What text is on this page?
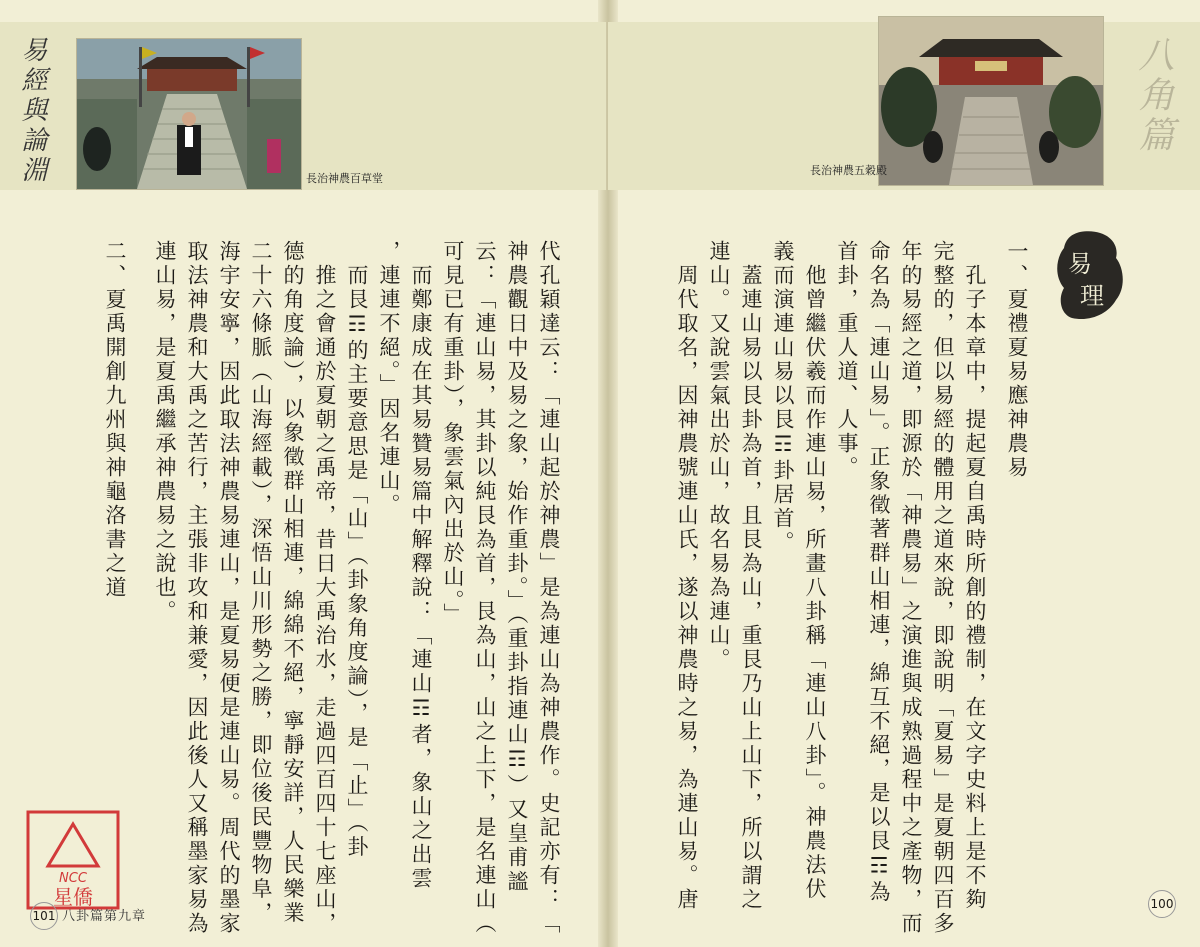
易經與論淵	八角篇
長治神農百草堂
長治神農五穀殿
易
理
一、夏禮夏易應神農易
　孔子本章中，提起夏自禹時所創的禮制，在文字史料上是不夠
完整的，但以易經的體用之道來說，即說明「夏易」是夏朝四百多
年的易經之道，即源於「神農易」之演進與成熟過程中之產物，而
命名為「連山易」。正象徵著群山相連，綿互不絕，是以艮☶為
首卦，重人道、人事。
　他曾繼伏羲而作連山易，所畫八卦稱「連山八卦」。神農法伏
義而演連山易以艮☶卦居首。
　蓋連山易以艮卦為首，且艮為山，重艮乃山上山下，所以謂之
連山。又說雲氣出於山，故名易為連山。
　周代取名，因神農號連山氏，遂以神農時之易，為連山易。唐
二、夏禹開創九州與神龜洛書之道 連山易，是夏禹繼承神農易之說也。 取法神農和大禹之苦行，主張非攻和兼愛，因此後人又稱墨家易為 海宇安寧，因此取法神農易連山，是夏易便是連山易。周代的墨家 二十六條脈（山海經載），深悟山川形勢之勝，即位後民豐物阜， 德的角度論），以象徵群山相連，綿綿不絕，寧靜安詳，人民樂業 　推之會通於夏朝之禹帝，昔日大禹治水，走過四百四十七座山， 　而艮☶的主要意思是「山」（卦象角度論），是「止」（卦 ，連連不絕。」因名連山。 　而鄭康成在其易贊易篇中解釋說：「連山☶者，象山之出雲 可見已有重卦），象雲氣內出於山。」 云：「連山易，其卦以純艮為首，艮為山，山之上下，是名連山（ 神農觀日中及易之象，始作重卦。」（重卦指連山☶）又皇甫謐 代孔穎達云：「連山起於神農」是為連山為神農作。史記亦有：「
NCC
星僑
101 八卦篇第九章
100
